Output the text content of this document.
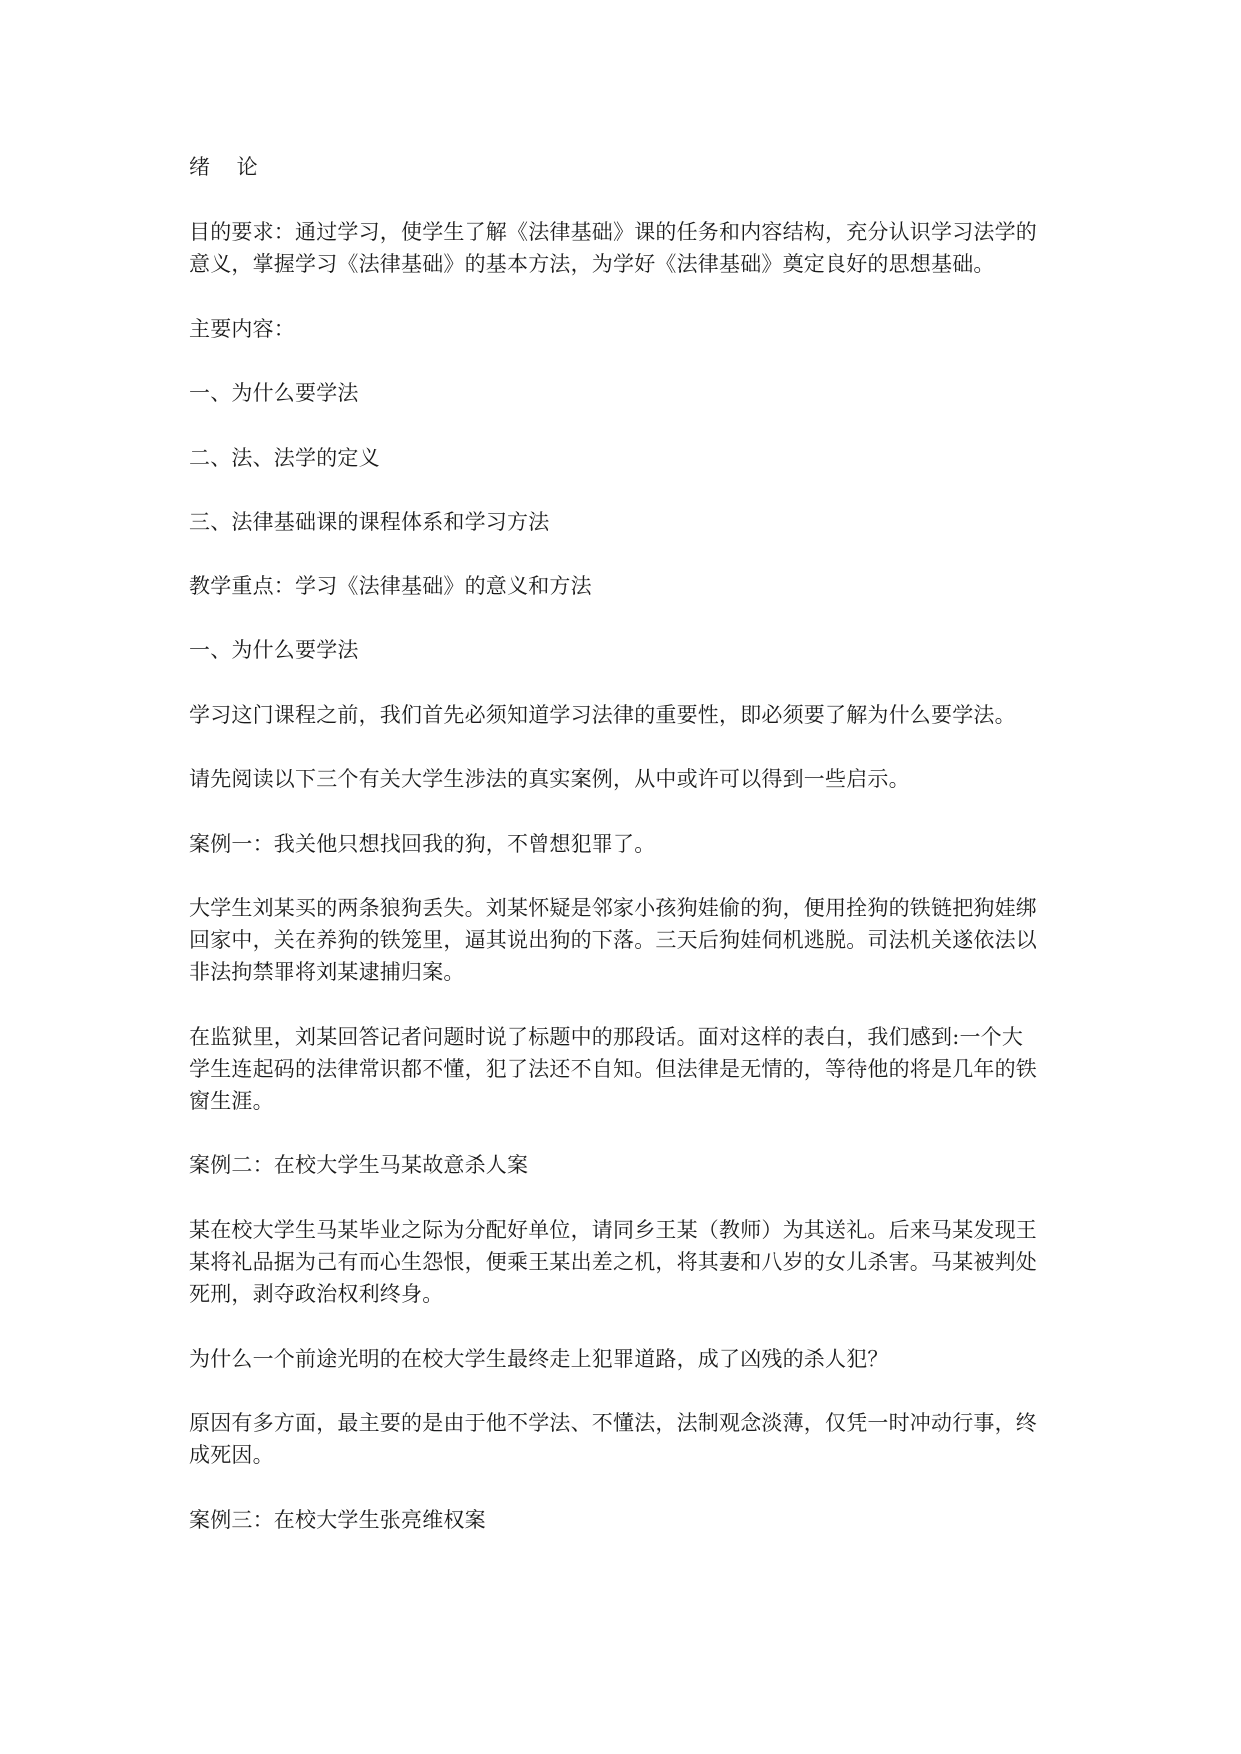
绪 论

目的要求：通过学习，使学生了解《法律基础》课的任务和内容结构，充分认识学习法学的
意义，掌握学习《法律基础》的基本方法，为学好《法律基础》奠定良好的思想基础。

主要内容：

一、为什么要学法

二、法、法学的定义

三、法律基础课的课程体系和学习方法

教学重点：学习《法律基础》的意义和方法

一、为什么要学法

学习这门课程之前，我们首先必须知道学习法律的重要性，即必须要了解为什么要学法。

请先阅读以下三个有关大学生涉法的真实案例，从中或许可以得到一些启示。

案例一：我关他只想找回我的狗，不曾想犯罪了。

大学生刘某买的两条狼狗丢失。刘某怀疑是邻家小孩狗娃偷的狗，便用拴狗的铁链把狗娃绑
回家中，关在养狗的铁笼里，逼其说出狗的下落。三天后狗娃伺机逃脱。司法机关遂依法以
非法拘禁罪将刘某逮捕归案。

在监狱里，刘某回答记者问题时说了标题中的那段话。面对这样的表白，我们感到:一个大
学生连起码的法律常识都不懂，犯了法还不自知。但法律是无情的，等待他的将是几年的铁
窗生涯。

案例二：在校大学生马某故意杀人案

某在校大学生马某毕业之际为分配好单位，请同乡王某（教师）为其送礼。后来马某发现王
某将礼品据为己有而心生怨恨，便乘王某出差之机，将其妻和八岁的女儿杀害。马某被判处
死刑，剥夺政治权利终身。

为什么一个前途光明的在校大学生最终走上犯罪道路，成了凶残的杀人犯？

原因有多方面，最主要的是由于他不学法、不懂法，法制观念淡薄，仅凭一时冲动行事，终
成死因。

案例三：在校大学生张亮维权案
